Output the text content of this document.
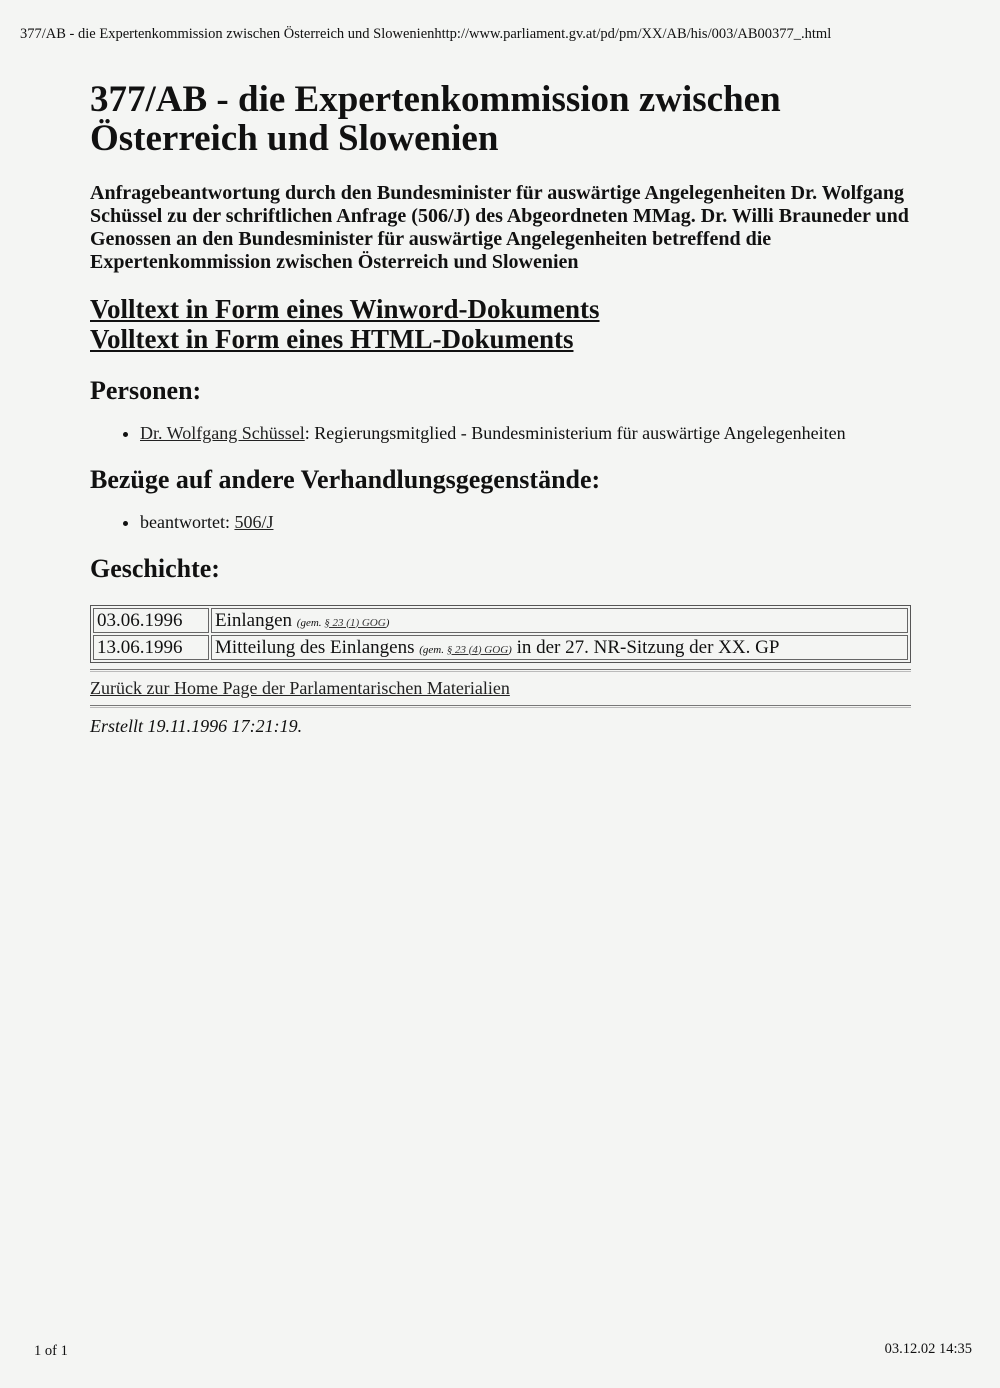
377/AB - die Expertenkommission zwischen Österreich und Slowenienhttp://www.parliament.gv.at/pd/pm/XX/AB/his/003/AB00377_.html
377/AB - die Expertenkommission zwischen
Österreich und Slowenien
Anfragebeantwortung durch den Bundesminister für auswärtige Angelegenheiten Dr. Wolfgang Schüssel zu der schriftlichen Anfrage (506/J) des Abgeordneten MMag. Dr. Willi Brauneder und Genossen an den Bundesminister für auswärtige Angelegenheiten betreffend die Expertenkommission zwischen Österreich und Slowenien
Volltext in Form eines Winword-Dokuments
Volltext in Form eines HTML-Dokuments
Personen:
• Dr. Wolfgang Schüssel: Regierungsmitglied - Bundesministerium für auswärtige Angelegenheiten
Bezüge auf andere Verhandlungsgegenstände:
• beantwortet: 506/J
Geschichte:
03.06.1996	Einlangen (gem. § 23 (1) GOG)
13.06.1996	Mitteilung des Einlangens (gem. § 23 (4) GOG) in der 27. NR-Sitzung der XX. GP
Zurück zur Home Page der Parlamentarischen Materialien
Erstellt 19.11.1996 17:21:19.
1 of 1	03.12.02 14:35
